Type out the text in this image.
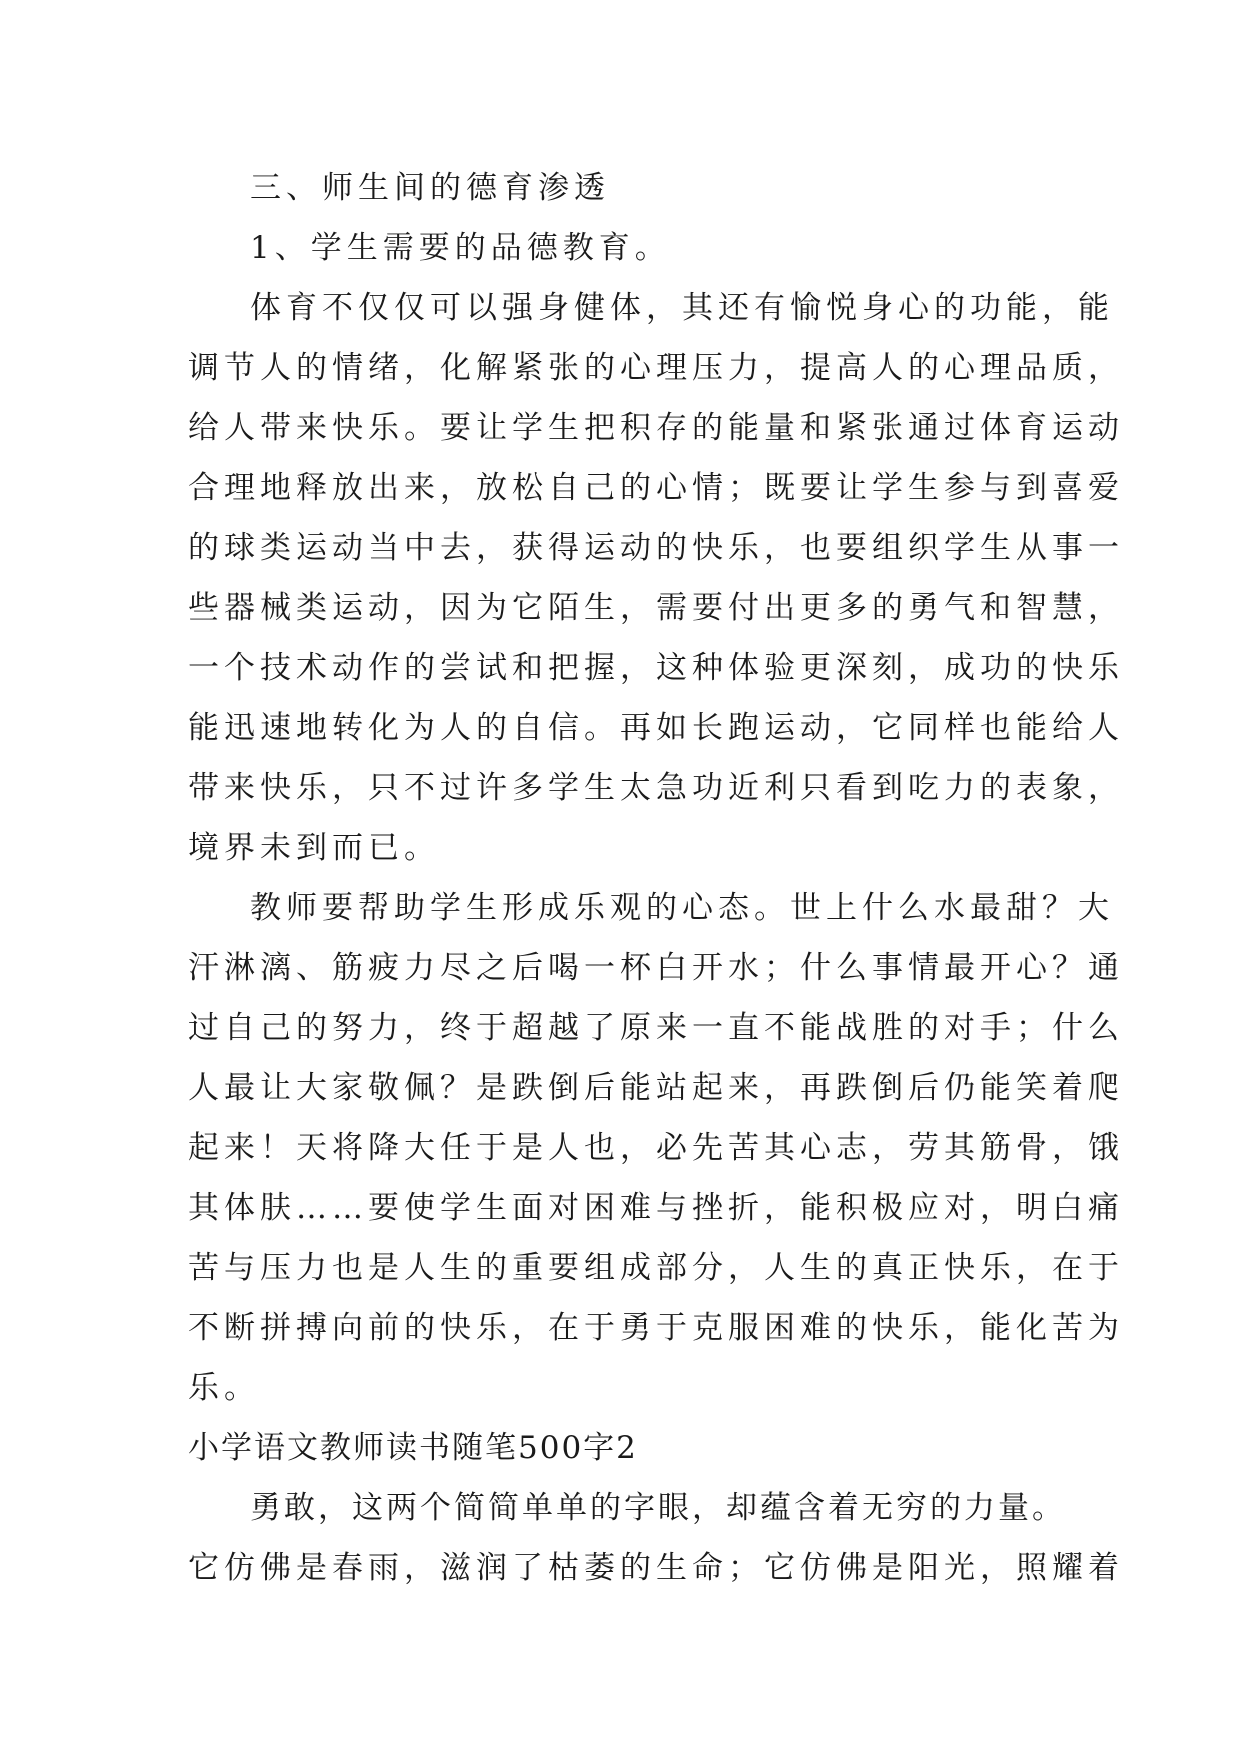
三、师生间的德育渗透
1、学生需要的品德教育。
体育不仅仅可以强身健体，其还有愉悦身心的功能，能
调节人的情绪，化解紧张的心理压力，提高人的心理品质，
给人带来快乐。要让学生把积存的能量和紧张通过体育运动
合理地释放出来，放松自己的心情；既要让学生参与到喜爱
的球类运动当中去，获得运动的快乐，也要组织学生从事一
些器械类运动，因为它陌生，需要付出更多的勇气和智慧，
一个技术动作的尝试和把握，这种体验更深刻，成功的快乐
能迅速地转化为人的自信。再如长跑运动，它同样也能给人
带来快乐，只不过许多学生太急功近利只看到吃力的表象，
境界未到而已。
教师要帮助学生形成乐观的心态。世上什么水最甜？大
汗淋漓、筋疲力尽之后喝一杯白开水；什么事情最开心？通
过自己的努力，终于超越了原来一直不能战胜的对手；什么
人最让大家敬佩？是跌倒后能站起来，再跌倒后仍能笑着爬
起来！天将降大任于是人也，必先苦其心志，劳其筋骨，饿
其体肤……要使学生面对困难与挫折，能积极应对，明白痛
苦与压力也是人生的重要组成部分，人生的真正快乐，在于
不断拼搏向前的快乐，在于勇于克服困难的快乐，能化苦为
乐。
小学语文教师读书随笔500字2
勇敢，这两个简简单单的字眼，却蕴含着无穷的力量。
它仿佛是春雨，滋润了枯萎的生命；它仿佛是阳光，照耀着
